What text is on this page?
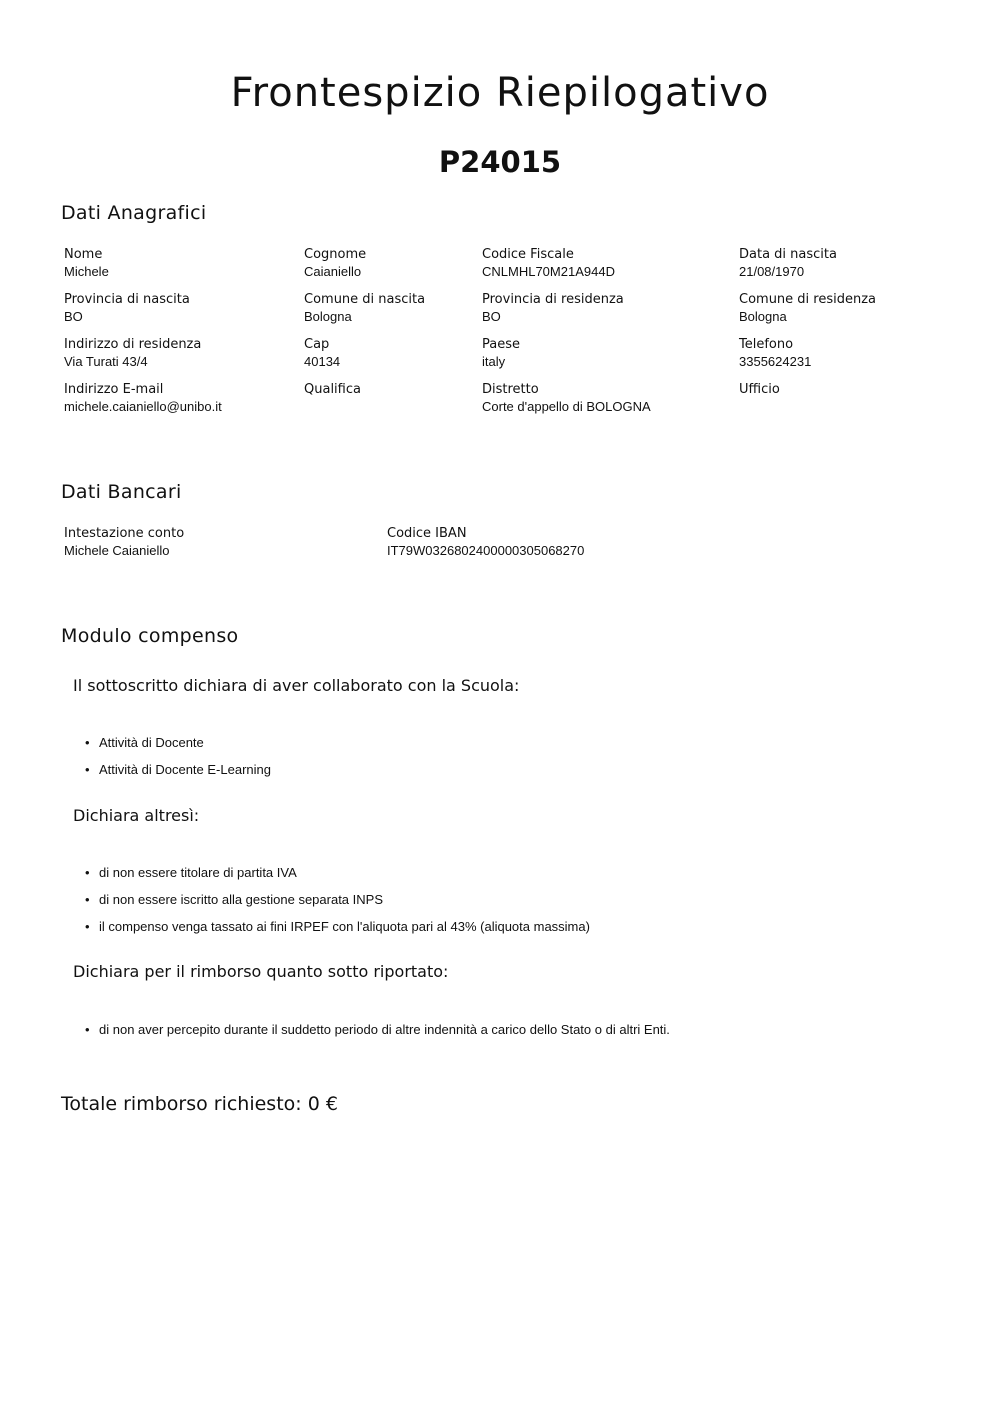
Frontespizio Riepilogativo
P24015
Dati Anagrafici
Nome
Michele
Cognome
Caianiello
Codice Fiscale
CNLMHL70M21A944D
Data di nascita
21/08/1970
Provincia di nascita
BO
Comune di nascita
Bologna
Provincia di residenza
BO
Comune di residenza
Bologna
Indirizzo di residenza
Via Turati 43/4
Cap
40134
Paese
italy
Telefono
3355624231
Indirizzo E-mail
michele.caianiello@unibo.it
Qualifica	Distretto
Corte d'appello di BOLOGNA
Ufficio
Dati Bancari
Intestazione conto
Michele Caianiello
Codice IBAN
IT79W0326802400000305068270
Modulo compenso
Il sottoscritto dichiara di aver collaborato con la Scuola:
• Attività di Docente
• Attività di Docente E-Learning
Dichiara altresì:
• di non essere titolare di partita IVA
• di non essere iscritto alla gestione separata INPS
• il compenso venga tassato ai fini IRPEF con l'aliquota pari al 43% (aliquota massima)
Dichiara per il rimborso quanto sotto riportato:
• di non aver percepito durante il suddetto periodo di altre indennità a carico dello Stato o di altri Enti.
Totale rimborso richiesto: 0 €
